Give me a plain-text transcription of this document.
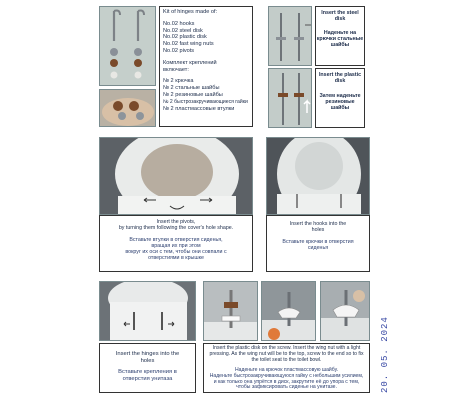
Kit of hinges made of:
No.02 hooks
No.02 steel disk
No.02 plastic disk
No.02 fast wing nuts
No.02 pivots
Комплект креплений включает:
№ 2 крючка
№ 2 стальные шайбы
№ 2 резиновые шайбы
№ 2 быстрозакручивающиеся гайки
№ 2 пластмассовые втулки
Insert the steel disk
Наденьте на крючки стальные шайбы
Insert the plastic disk
Затем наденьте резиновые шайбы
Insert the pivots,
by turning them following the cover's hole shape.
Вставьте втулки в отверстия сиденья, вращая их при этом
вокруг их оси с тем, чтобы они совпали с отверстиями в крышке
Insert the hooks into the holes
Вставьте крючки в отверстия сиденья
Insert the hinges into the holes
Вставьте крепления в отверстия унитаза
Insert the plastic disk on the screw. Insert the wing nut with a light pressing. As the wing nut will be to the top, screw to the end so to fix the toilet seat to the toilet bowl.
Наденьте на крючок пластмассовую шайбу.
Наденьте быстрозакручивающуюся гайку с небольшим усилием, и как только она упрётся в диск, закрутите её до упора с тем, чтобы зафиксировать сиденье на унитазе.	20. 05. 2024
